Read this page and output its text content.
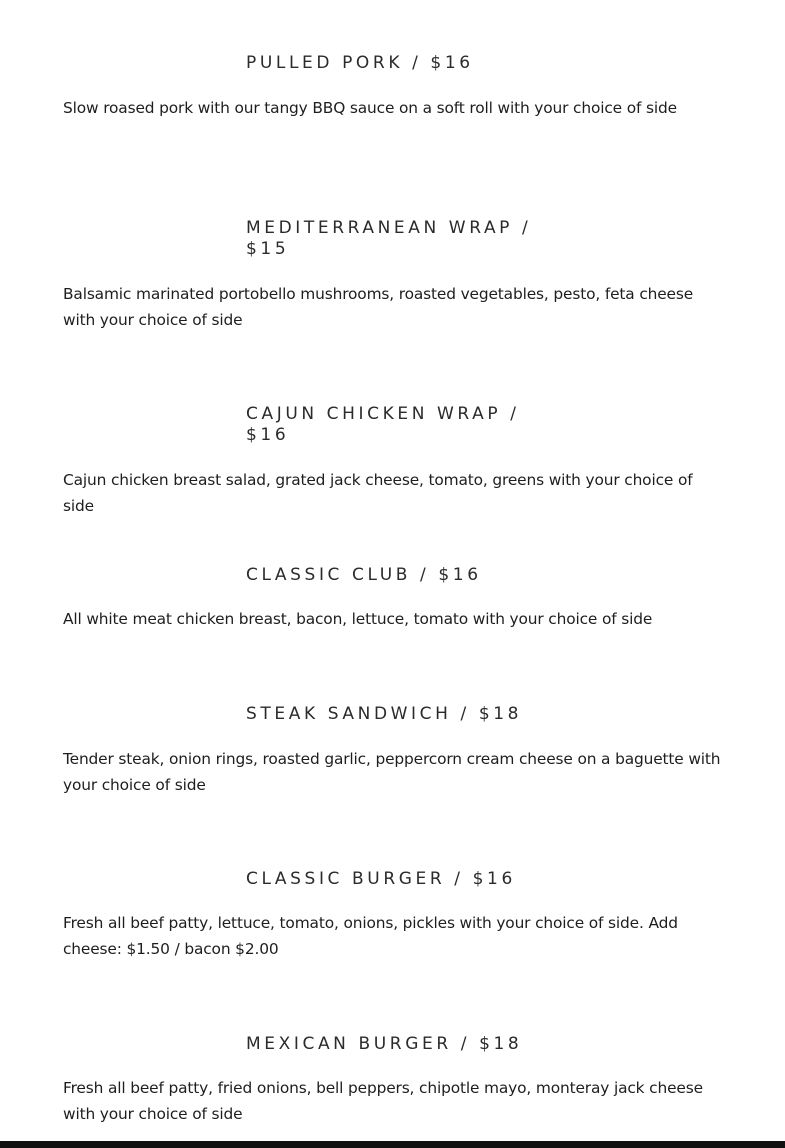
PULLED PORK / $16

Slow roased pork with our tangy BBQ sauce on a soft roll with your choice of side

MEDITERRANEAN WRAP / $15

Balsamic marinated portobello mushrooms, roasted vegetables, pesto, feta cheese with your choice of side

CAJUN CHICKEN WRAP / $16

Cajun chicken breast salad, grated jack cheese, tomato, greens with your choice of side

CLASSIC CLUB / $16

All white meat chicken breast, bacon, lettuce, tomato with your choice of side

STEAK SANDWICH / $18

Tender steak, onion rings, roasted garlic, peppercorn cream cheese on a baguette with your choice of side

CLASSIC BURGER / $16

Fresh all beef patty, lettuce, tomato, onions, pickles with your choice of side. Add cheese: $1.50 / bacon $2.00

MEXICAN BURGER / $18

Fresh all beef patty, fried onions, bell peppers, chipotle mayo, monteray jack cheese with your choice of side
